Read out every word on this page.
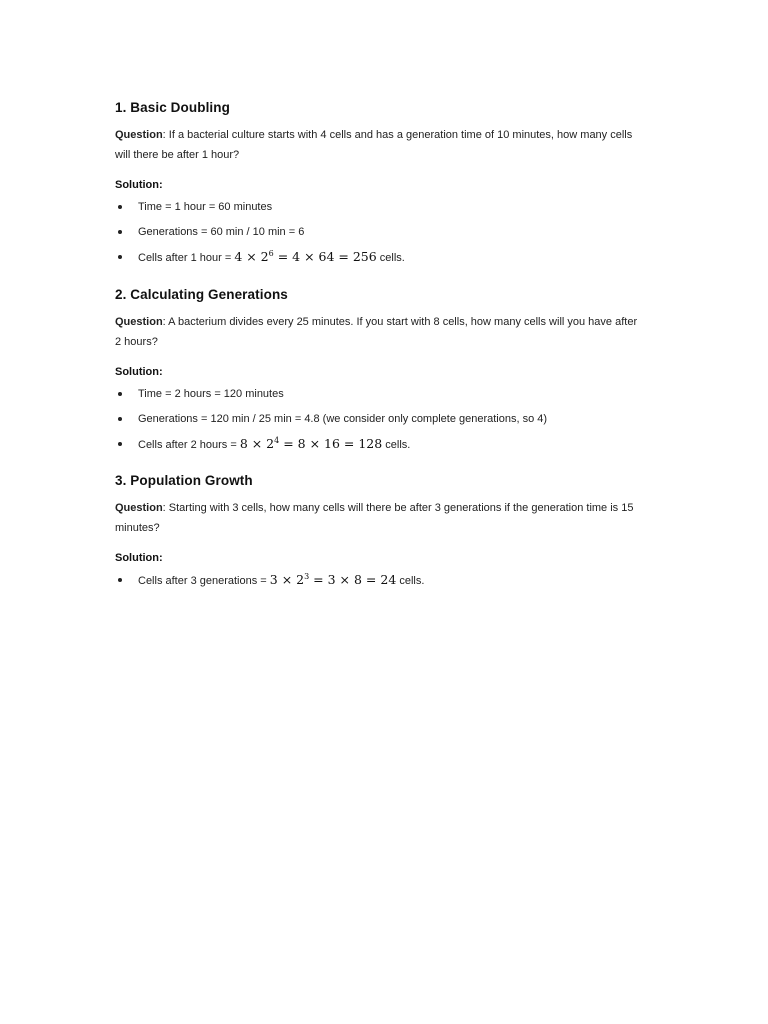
1. Basic Doubling

Question: If a bacterial culture starts with 4 cells and has a generation time of 10 minutes, how many cells will there be after 1 hour?

Solution:

Time = 1 hour = 60 minutes
Generations = 60 min / 10 min = 6
Cells after 1 hour = $4 \times 2^6 = 4 \times 64 = 256$ cells.
2. Calculating Generations

Question: A bacterium divides every 25 minutes. If you start with 8 cells, how many cells will you have after 2 hours?

Solution:

Time = 2 hours = 120 minutes
Generations = 120 min / 25 min = 4.8 (we consider only complete generations, so 4)
Cells after 2 hours = $8 \times 2^4 = 8 \times 16 = 128$ cells.
3. Population Growth

Question: Starting with 3 cells, how many cells will there be after 3 generations if the generation time is 15 minutes?

Solution:

Cells after 3 generations = $3 \times 2^3 = 3 \times 8 = 24$ cells.
